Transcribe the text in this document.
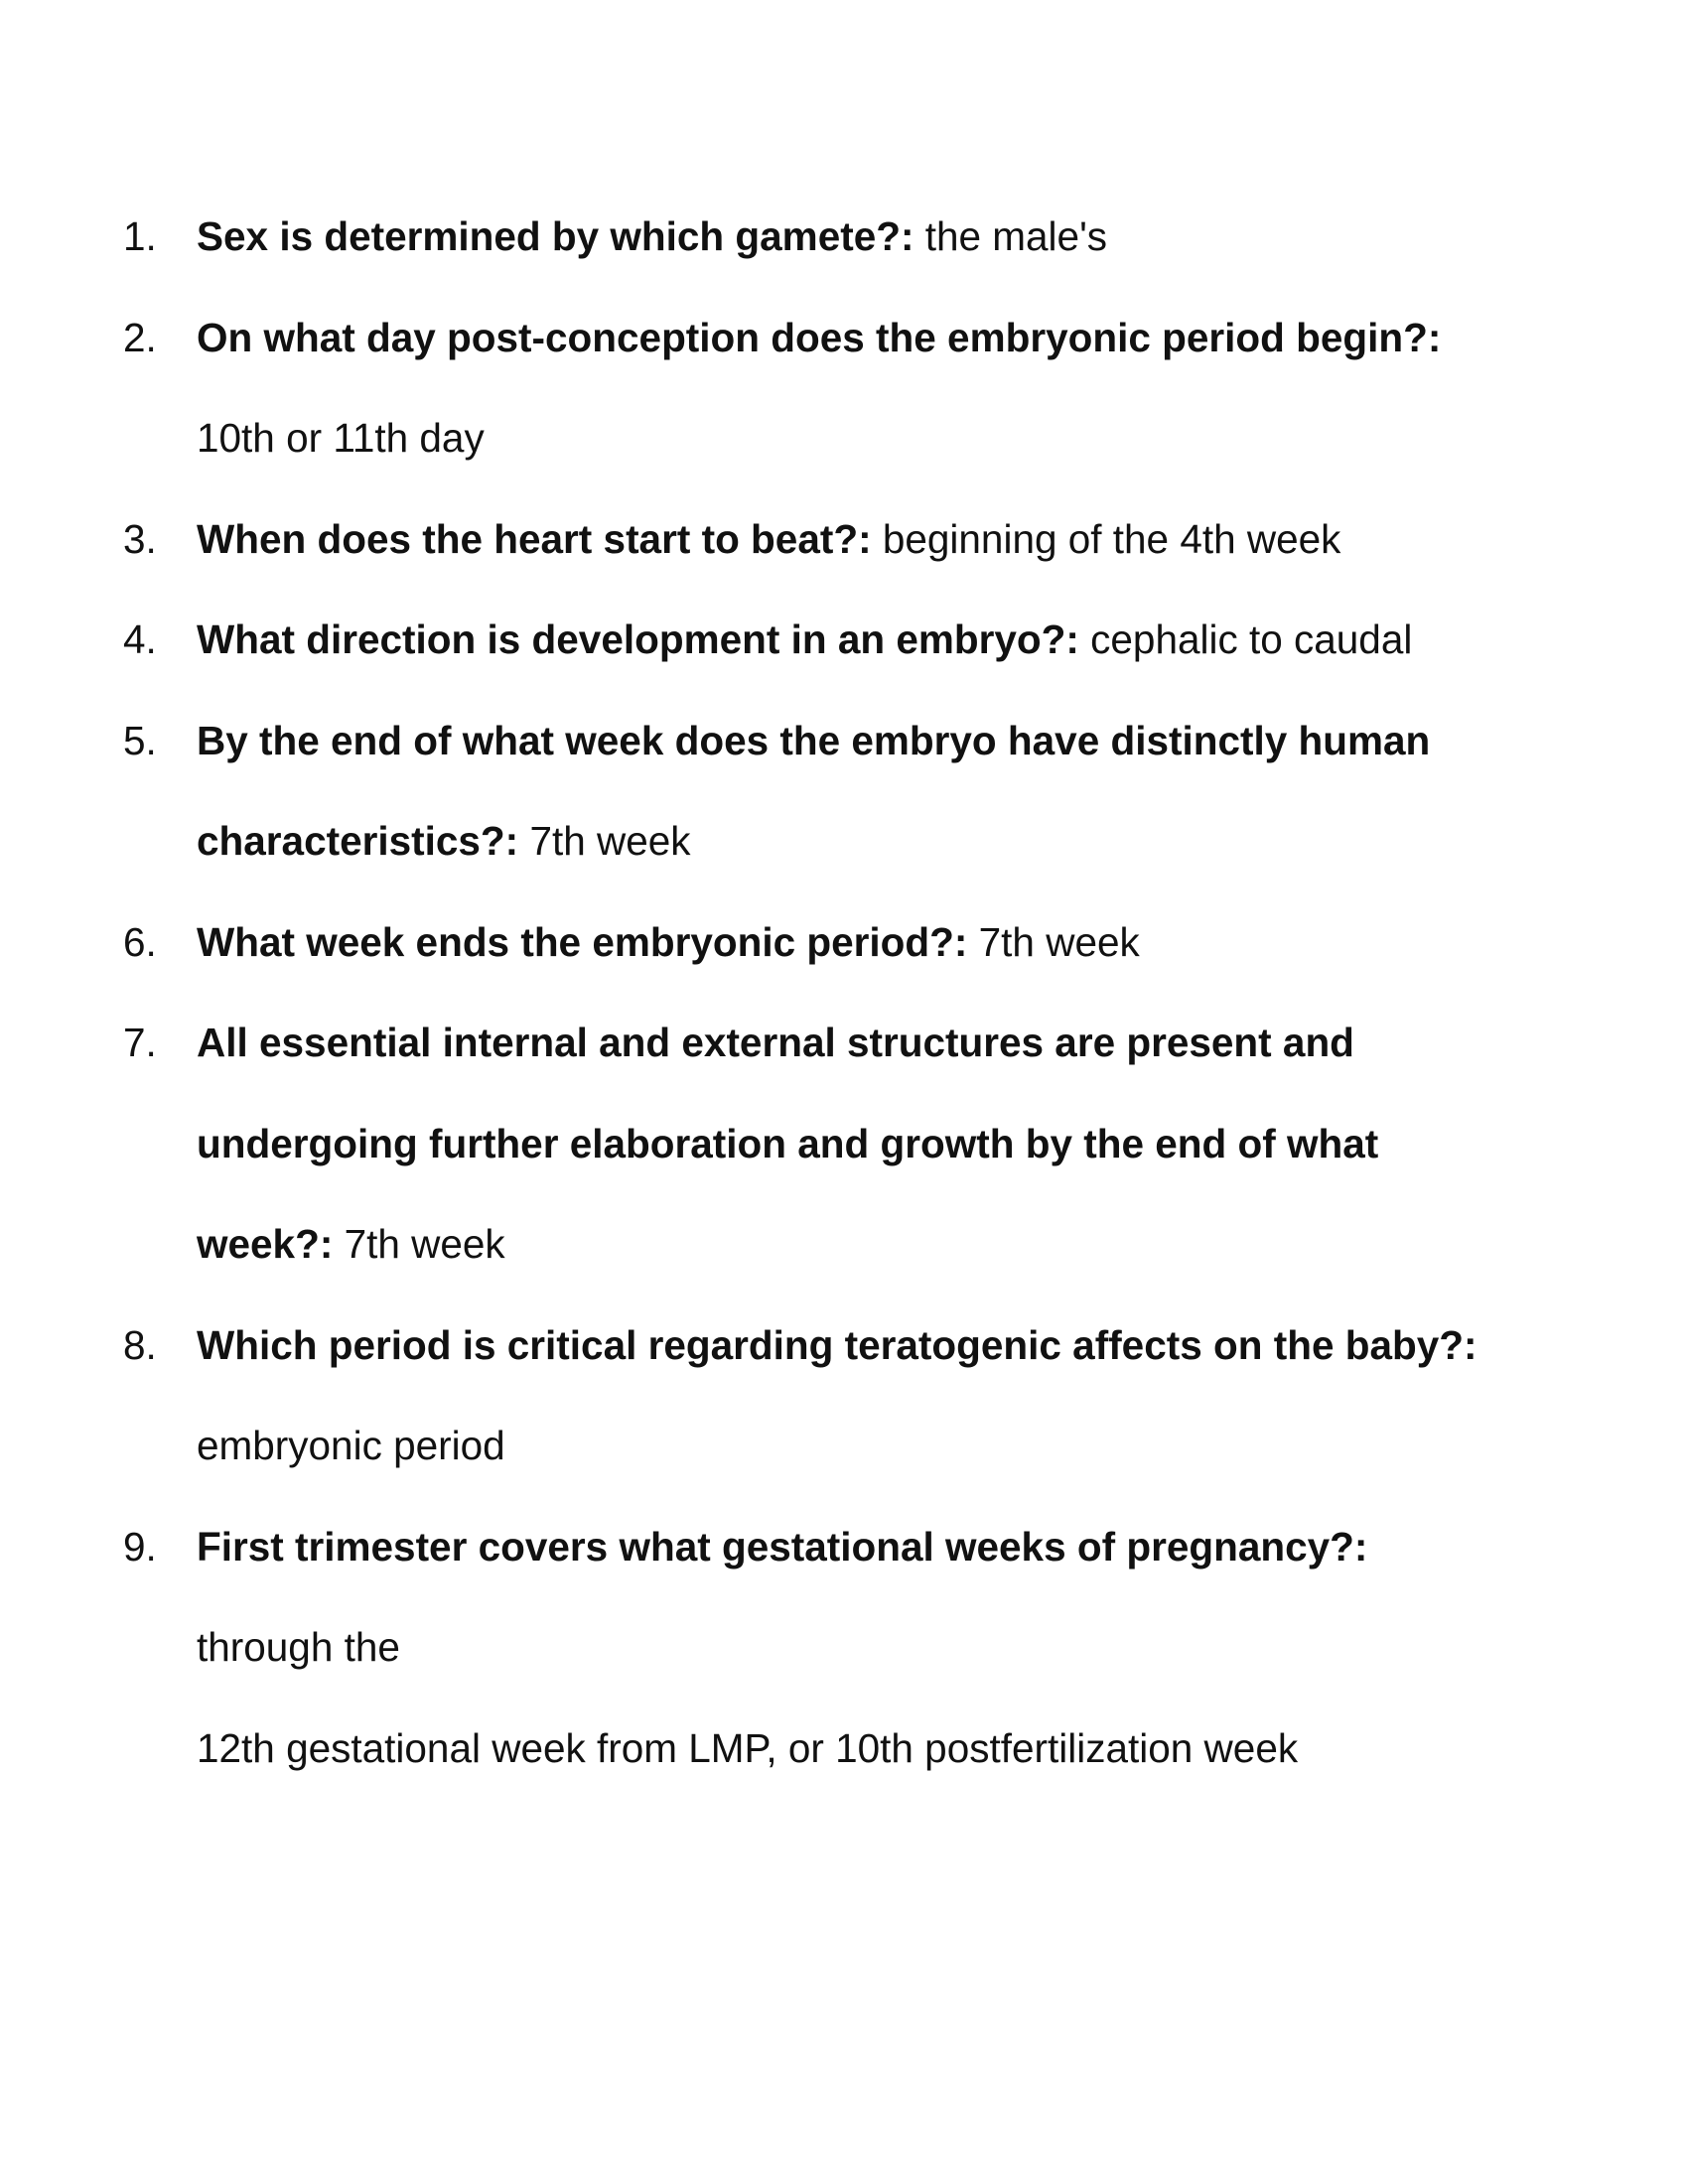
1. Sex is determined by which gamete?: the male's
2. On what day post-conception does the embryonic period begin?: 10th or 11th day
3. When does the heart start to beat?: beginning of the 4th week
4. What direction is development in an embryo?: cephalic to caudal
5. By the end of what week does the embryo have distinctly human characteristics?: 7th week
6. What week ends the embryonic period?: 7th week
7. All essential internal and external structures are present and undergoing further elaboration and growth by the end of what week?: 7th week
8. Which period is critical regarding teratogenic affects on the baby?: embryonic period
9. First trimester covers what gestational weeks of pregnancy?:
through the
12th gestational week from LMP, or 10th postfertilization week
